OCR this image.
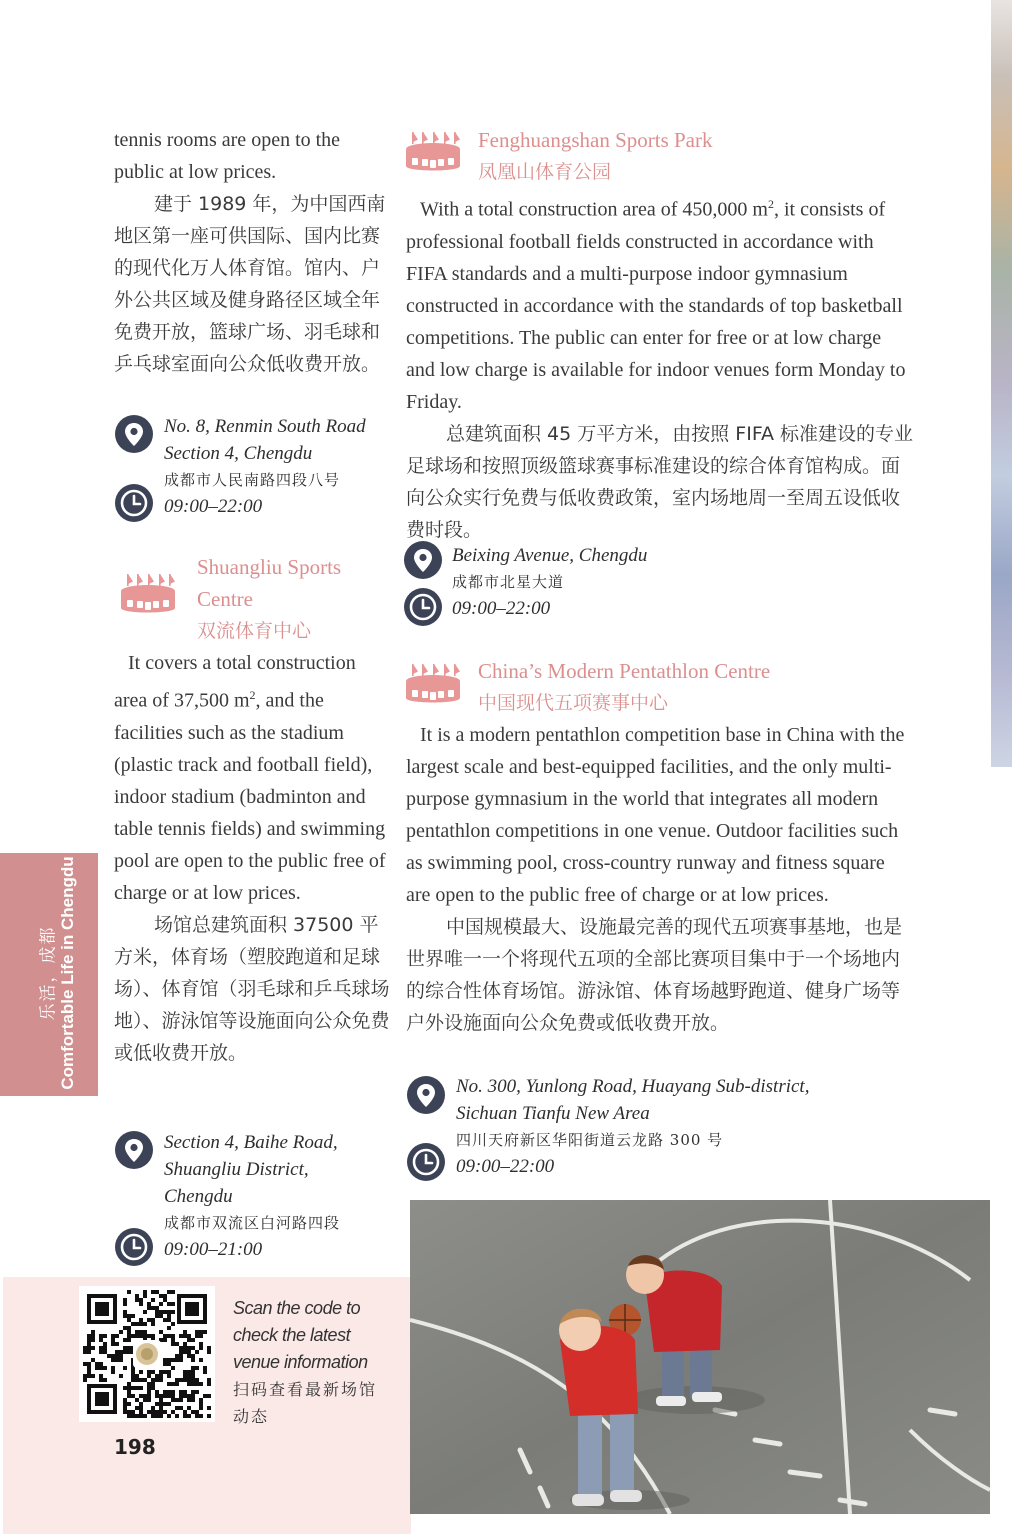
tennis rooms are open to the public at low prices.

建于 1989 年，为中国西南地区第一座可供国际、国内比赛的现代化万人体育馆。馆内、户外公共区域及健身路径区域全年免费开放，篮球广场、羽毛球和乒乓球室面向公众低收费开放。

No. 8, Renmin South Road
Section 4, Chengdu
成都市人民南路四段八号
09:00–22:00
Shuangliu Sports
Centre
双流体育中心

It covers a total construction area of 37,500 $m^2$, and the facilities such as the stadium (plastic track and football field), indoor stadium (badminton and table tennis fields) and swimming pool are open to the public free of charge or at low prices.

场馆总建筑面积 37500 平方米，体育场（塑胶跑道和足球场）、体育馆（羽毛球和乒乓球场地）、游泳馆等设施面向公众免费或低收费开放。

Section 4, Baihe Road,
Shuangliu District,
Chengdu
成都市双流区白河路四段
09:00–21:00
Comfortable Life in Chengdu
乐活，成都
Scan the code to
check the latest
venue information
扫码查看最新场馆
动态
198
Fenghuangshan Sports Park
凤凰山体育公园

With a total construction area of 450,000 $m^2$, it consists of professional football fields constructed in accordance with FIFA standards and a multi-purpose indoor gymnasium constructed in accordance with the standards of top basketball competitions. The public can enter for free or at low charge and low charge is available for indoor venues form Monday to Friday.

总建筑面积 45 万平方米，由按照 FIFA 标准建设的专业足球场和按照顶级篮球赛事标准建设的综合体育馆构成。面向公众实行免费与低收费政策，室内场地周一至周五设低收费时段。

Beixing Avenue, Chengdu
成都市北星大道
09:00–22:00
China’s Modern Pentathlon Centre
中国现代五项赛事中心

It is a modern pentathlon competition base in China with the largest scale and best-equipped facilities, and the only multi-purpose gymnasium in the world that integrates all modern pentathlon competitions in one venue. Outdoor facilities such as swimming pool, cross-country runway and fitness square are open to the public free of charge or at low prices.

中国规模最大、设施最完善的现代五项赛事基地，也是世界唯一一个将现代五项的全部比赛项目集中于一个场地内的综合性体育场馆。游泳馆、体育场越野跑道、健身广场等户外设施面向公众免费或低收费开放。

No. 300, Yunlong Road, Huayang Sub-district,
Sichuan Tianfu New Area
四川天府新区华阳街道云龙路 300 号
09:00–22:00
